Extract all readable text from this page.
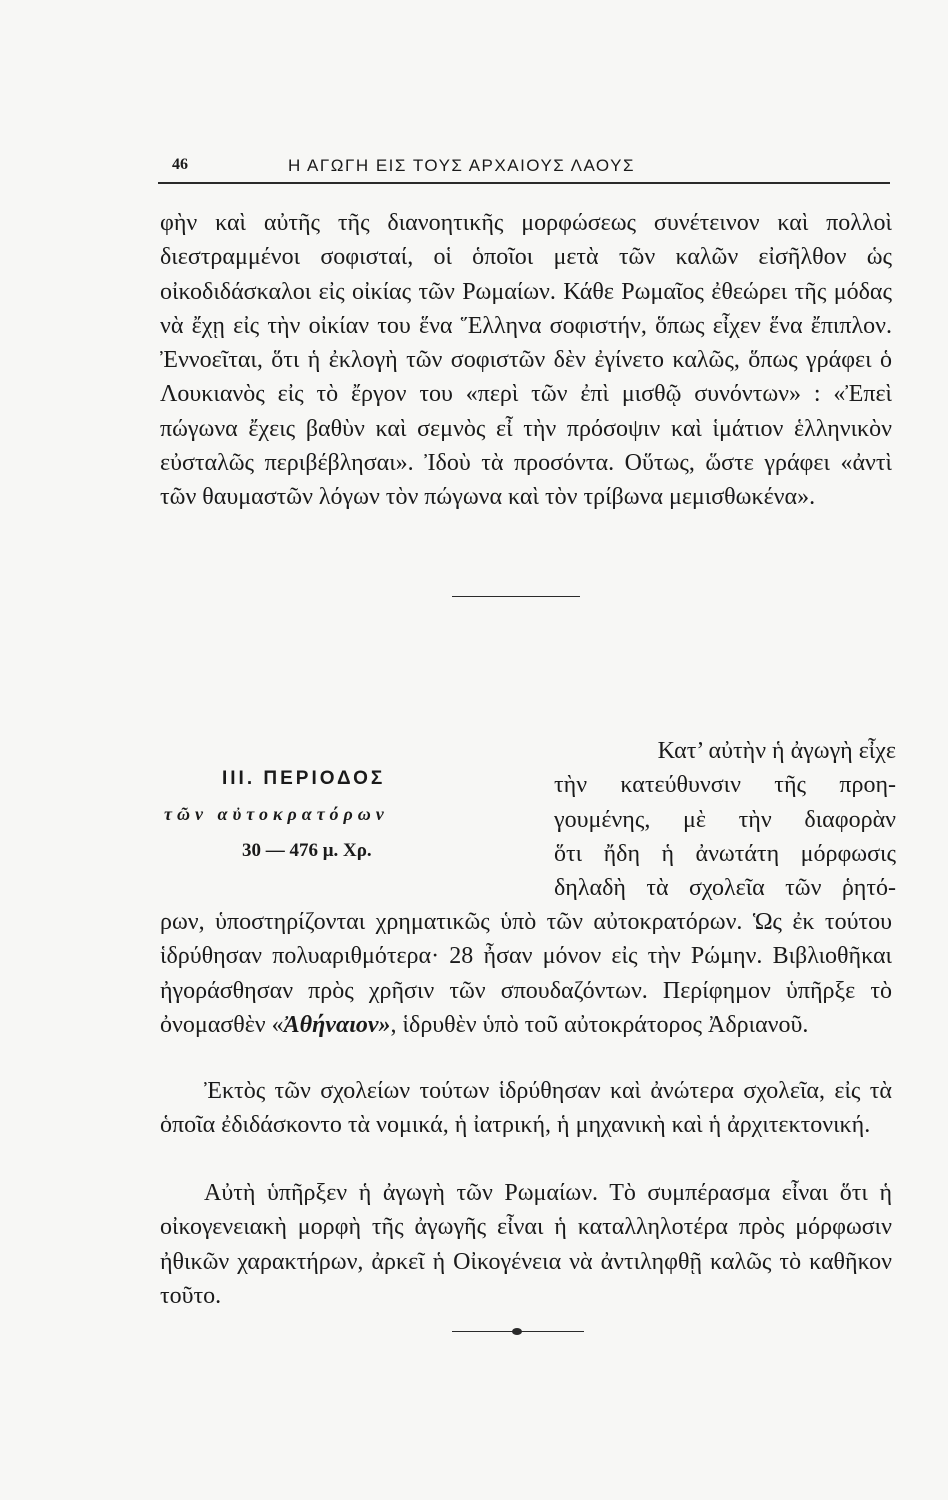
46	Η ΑΓΩΓΗ ΕΙΣ ΤΟΥΣ ΑΡΧΑΙΟΥΣ ΛΑΟΥΣ

φὴν καὶ αὐτῆς τῆς διανοητικῆς μορφώσεως συνέτεινον καὶ πολλοὶ διεστραμμένοι σοφισταί, οἱ ὁποῖοι μετὰ τῶν καλῶν εἰσῆλθον ὡς οἰκοδιδάσκαλοι εἰς οἰκίας τῶν Ρωμαίων. Κάθε Ρωμαῖος ἐθεώρει τῆς μόδας νὰ ἔχῃ εἰς τὴν οἰκίαν του ἕνα Ἕλληνα σοφιστήν, ὅπως εἶχεν ἕνα ἔπιπλον. Ἐννοεῖται, ὅτι ἡ ἐκλογὴ τῶν σοφιστῶν δὲν ἐγίνετο καλῶς, ὅπως γράφει ὁ Λουκιανὸς εἰς τὸ ἔργον του «περὶ τῶν ἐπὶ μισθῷ συνόντων» : «Ἐπεὶ πώγωνα ἔχεις βαθὺν καὶ σεμνὸς εἶ τὴν πρόσοψιν καὶ ἱμάτιον ἑλληνικὸν εὐσταλῶς περιβέβλησαι». Ἰδοὺ τὰ προσόντα. Οὕτως, ὥστε γράφει «ἀντὶ τῶν θαυμαστῶν λόγων τὸν πώγωνα καὶ τὸν τρίβωνα μεμισθωκένα».

III. ΠΕΡΙΟΔΟΣ
τῶν αὐτοκρατόρων
30 — 476 μ. Χρ.
Κατ’ αὐτὴν ἡ ἀγωγὴ εἶχε
τὴν κατεύθυνσιν τῆς προη-
γουμένης, μὲ τὴν διαφορὰν
ὅτι ἤδη ἡ ἀνωτάτη μόρφωσις
δηλαδὴ τὰ σχολεῖα τῶν ῥητό-

ρων, ὑποστηρίζονται χρηματικῶς ὑπὸ τῶν αὐτοκρατόρων. Ὡς ἐκ τούτου ἱδρύθησαν πολυαριθμότερα· 28 ἦσαν μόνον εἰς τὴν Ρώμην. Βιβλιοθῆκαι ἠγοράσθησαν πρὸς χρῆσιν τῶν σπουδαζόντων. Περίφημον ὑπῆρξε τὸ ὀνομασθὲν «Ἀθήναιον», ἱδρυθὲν ὑπὸ τοῦ αὐτοκράτορος Ἀδριανοῦ.

Ἐκτὸς τῶν σχολείων τούτων ἱδρύθησαν καὶ ἀνώτερα σχολεῖα, εἰς τὰ ὁποῖα ἐδιδάσκοντο τὰ νομικά, ἡ ἰατρική, ἡ μηχανικὴ καὶ ἡ ἀρχιτεκτονική.

Αὐτὴ ὑπῆρξεν ἡ ἀγωγὴ τῶν Ρωμαίων. Τὸ συμπέρασμα εἶναι ὅτι ἡ οἰκογενειακὴ μορφὴ τῆς ἀγωγῆς εἶναι ἡ καταλληλοτέρα πρὸς μόρφωσιν ἠθικῶν χαρακτήρων, ἀρκεῖ ἡ Οἰκογένεια νὰ ἀντιληφθῇ καλῶς τὸ καθῆκον τοῦτο.
